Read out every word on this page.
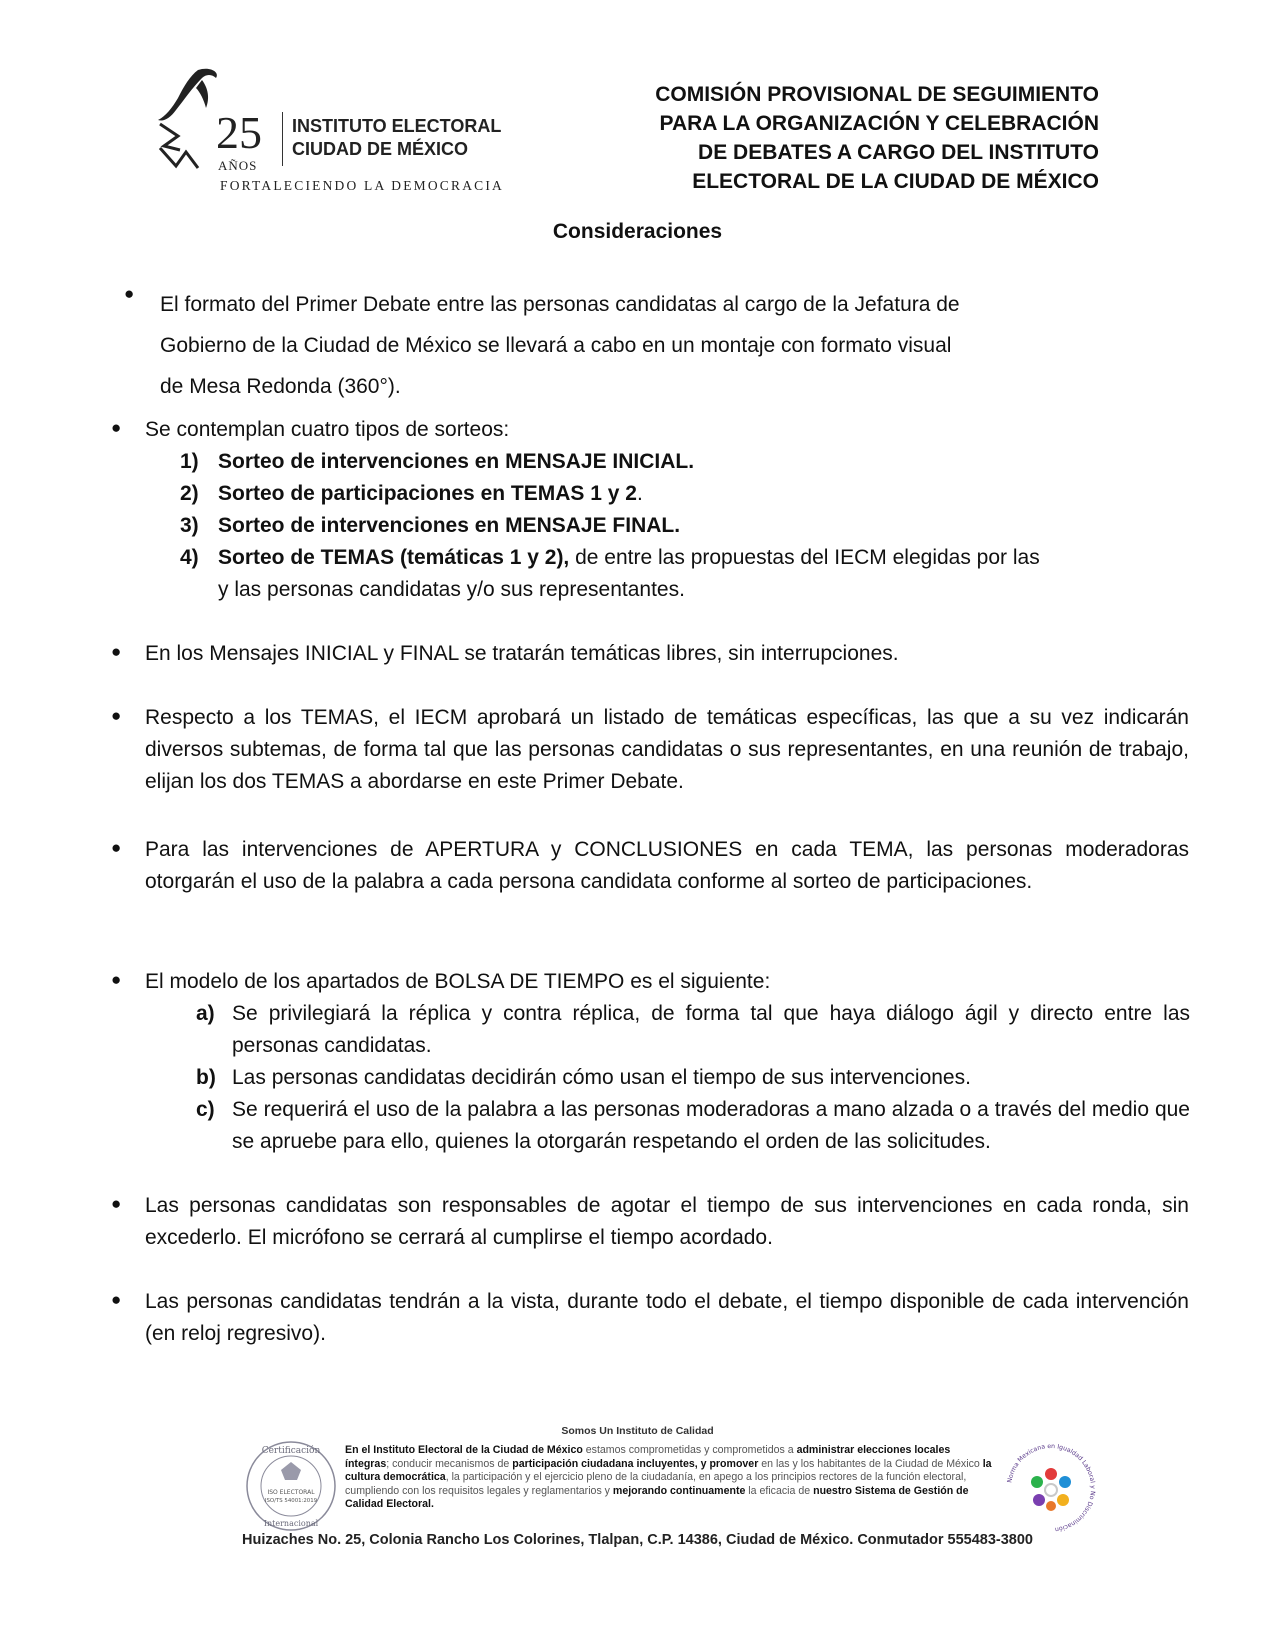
25
AÑOS
INSTITUTO ELECTORAL
CIUDAD DE MÉXICO
FORTALECIENDO LA DEMOCRACIA
COMISIÓN PROVISIONAL DE SEGUIMIENTO
PARA LA ORGANIZACIÓN Y CELEBRACIÓN
DE DEBATES A CARGO DEL INSTITUTO
ELECTORAL DE LA CIUDAD DE MÉXICO
Consideraciones
● El formato del Primer Debate entre las personas candidatas al cargo de la Jefatura de
Gobierno de la Ciudad de México se llevará a cabo en un montaje con formato visual
de Mesa Redonda (360°).
● Se contemplan cuatro tipos de sorteos:
1) Sorteo de intervenciones en MENSAJE INICIAL.
2) Sorteo de participaciones en TEMAS 1 y 2.
3) Sorteo de intervenciones en MENSAJE FINAL.
4) Sorteo de TEMAS (temáticas 1 y 2), de entre las propuestas del IECM elegidas por las
y las personas candidatas y/o sus representantes.
● En los Mensajes INICIAL y FINAL se tratarán temáticas libres, sin interrupciones.
● Respecto a los TEMAS, el IECM aprobará un listado de temáticas específicas, las que a su vez indicarán diversos subtemas, de forma tal que las personas candidatas o sus representantes, en una reunión de trabajo, elijan los dos TEMAS a abordarse en este Primer Debate.
● Para las intervenciones de APERTURA y CONCLUSIONES en cada TEMA, las personas moderadoras otorgarán el uso de la palabra a cada persona candidata conforme al sorteo de participaciones.
● El modelo de los apartados de BOLSA DE TIEMPO es el siguiente:
a) Se privilegiará la réplica y contra réplica, de forma tal que haya diálogo ágil y directo entre las personas candidatas.
b) Las personas candidatas decidirán cómo usan el tiempo de sus intervenciones.
c) Se requerirá el uso de la palabra a las personas moderadoras a mano alzada o a través del medio que se apruebe para ello, quienes la otorgarán respetando el orden de las solicitudes.
● Las personas candidatas son responsables de agotar el tiempo de sus intervenciones en cada ronda, sin excederlo. El micrófono se cerrará al cumplirse el tiempo acordado.
● Las personas candidatas tendrán a la vista, durante todo el debate, el tiempo disponible de cada intervención (en reloj regresivo).
Somos Un Instituto de Calidad
Certificación
Internacional
ISO ELECTORAL
ISO/TS 54001:2019
En el Instituto Electoral de la Ciudad de México estamos comprometidas y comprometidos a administrar elecciones locales íntegras; conducir mecanismos de participación ciudadana incluyentes, y promover en las y los habitantes de la Ciudad de México la cultura democrática, la participación y el ejercicio pleno de la ciudadanía, en apego a los principios rectores de la función electoral, cumpliendo con los requisitos legales y reglamentarios y mejorando continuamente la eficacia de nuestro Sistema de Gestión de Calidad Electoral.
Norma Mexicana en Igualdad Laboral y No Discriminación
Huizaches No. 25, Colonia Rancho Los Colorines, Tlalpan, C.P. 14386, Ciudad de México. Conmutador 555483-3800
